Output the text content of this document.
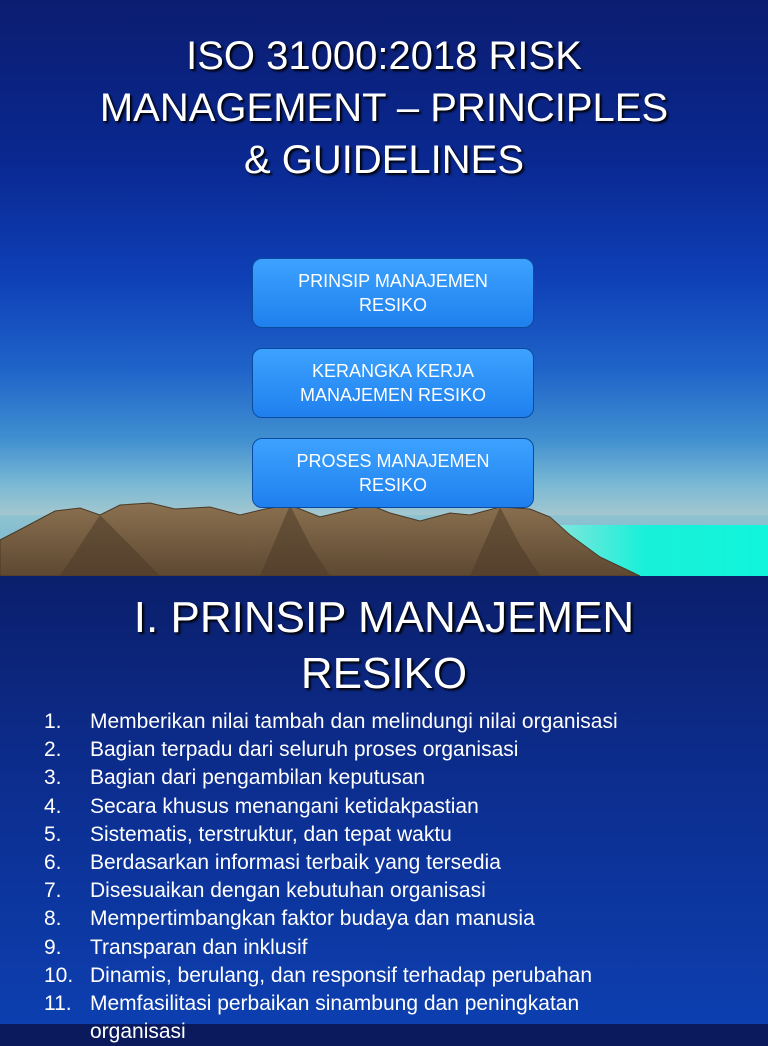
ISO 31000:2018 RISK
MANAGEMENT – PRINCIPLES
& GUIDELINES
PRINSIP MANAJEMEN
RESIKO
KERANGKA KERJA
MANAJEMEN RESIKO
PROSES MANAJEMEN
RESIKO
I. PRINSIP MANAJEMEN
RESIKO
1. Memberikan nilai tambah dan melindungi nilai organisasi
2. Bagian terpadu dari seluruh proses organisasi
3. Bagian dari pengambilan keputusan
4. Secara khusus menangani ketidakpastian
5. Sistematis, terstruktur, dan tepat waktu
6. Berdasarkan informasi terbaik yang tersedia
7. Disesuaikan dengan kebutuhan organisasi
8. Mempertimbangkan faktor budaya dan manusia
9. Transparan dan inklusif
10. Dinamis, berulang, dan responsif terhadap perubahan
11. Memfasilitasi perbaikan sinambung dan peningkatan
organisasi
